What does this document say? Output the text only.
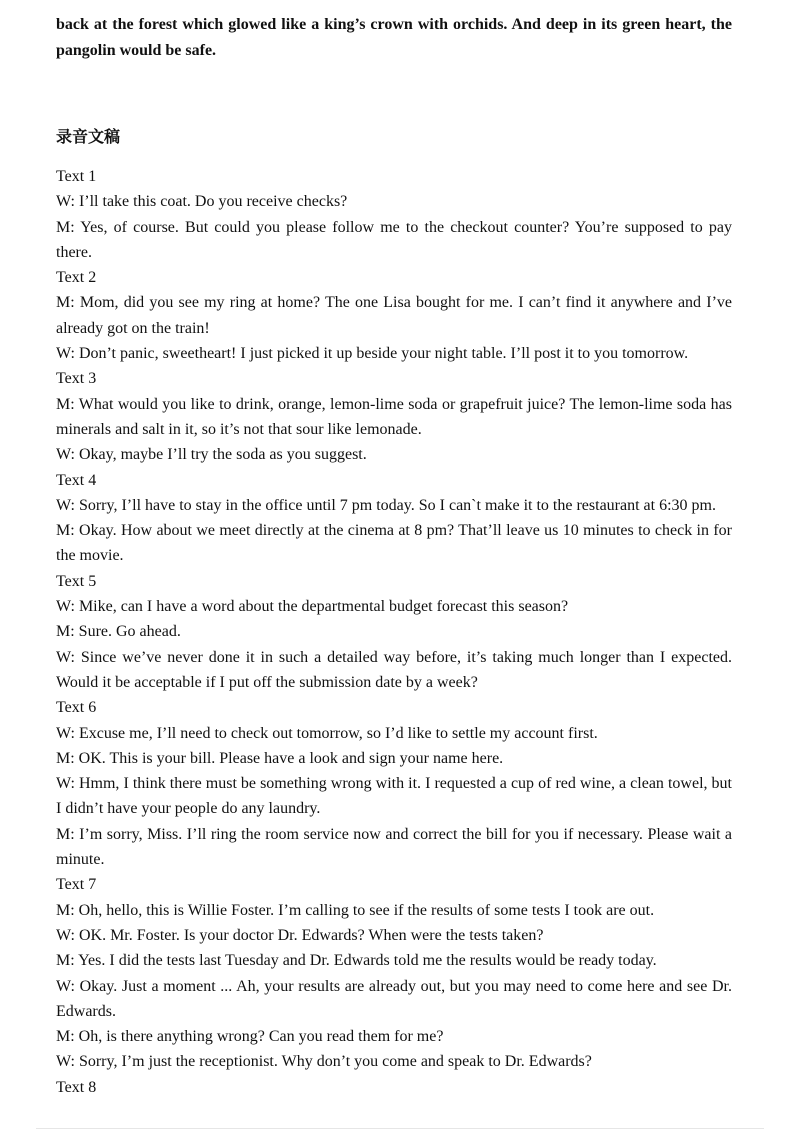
back at the forest which glowed like a king’s crown with orchids. And deep in its green heart, the pangolin would be safe.
录音文稿
Text 1
W: I’ll take this coat. Do you receive checks?
M: Yes, of course. But could you please follow me to the checkout counter? You’re supposed to pay there.
Text 2
M: Mom, did you see my ring at home? The one Lisa bought for me. I can’t find it anywhere and I’ve already got on the train!
W: Don’t panic, sweetheart! I just picked it up beside your night table. I’ll post it to you tomorrow.
Text 3
M: What would you like to drink, orange, lemon-lime soda or grapefruit juice? The lemon-lime soda has minerals and salt in it, so it’s not that sour like lemonade.
W: Okay, maybe I’ll try the soda as you suggest.
Text 4
W: Sorry, I’ll have to stay in the office until 7 pm today. So I can`t make it to the restaurant at 6:30 pm.
M: Okay. How about we meet directly at the cinema at 8 pm? That’ll leave us 10 minutes to check in for the movie.
Text 5
W: Mike, can I have a word about the departmental budget forecast this season?
M: Sure. Go ahead.
W: Since we’ve never done it in such a detailed way before, it’s taking much longer than I expected. Would it be acceptable if I put off the submission date by a week?
Text 6
W: Excuse me, I’ll need to check out tomorrow, so I’d like to settle my account first.
M: OK. This is your bill. Please have a look and sign your name here.
W: Hmm, I think there must be something wrong with it. I requested a cup of red wine, a clean towel, but I didn’t have your people do any laundry.
M: I’m sorry, Miss. I’ll ring the room service now and correct the bill for you if necessary. Please wait a minute.
Text 7
M: Oh, hello, this is Willie Foster. I’m calling to see if the results of some tests I took are out.
W: OK. Mr. Foster. Is your doctor Dr. Edwards? When were the tests taken?
M: Yes. I did the tests last Tuesday and Dr. Edwards told me the results would be ready today.
W: Okay. Just a moment ... Ah, your results are already out, but you may need to come here and see Dr. Edwards.
M: Oh, is there anything wrong? Can you read them for me?
W: Sorry, I’m just the receptionist. Why don’t you come and speak to Dr. Edwards?
Text 8
